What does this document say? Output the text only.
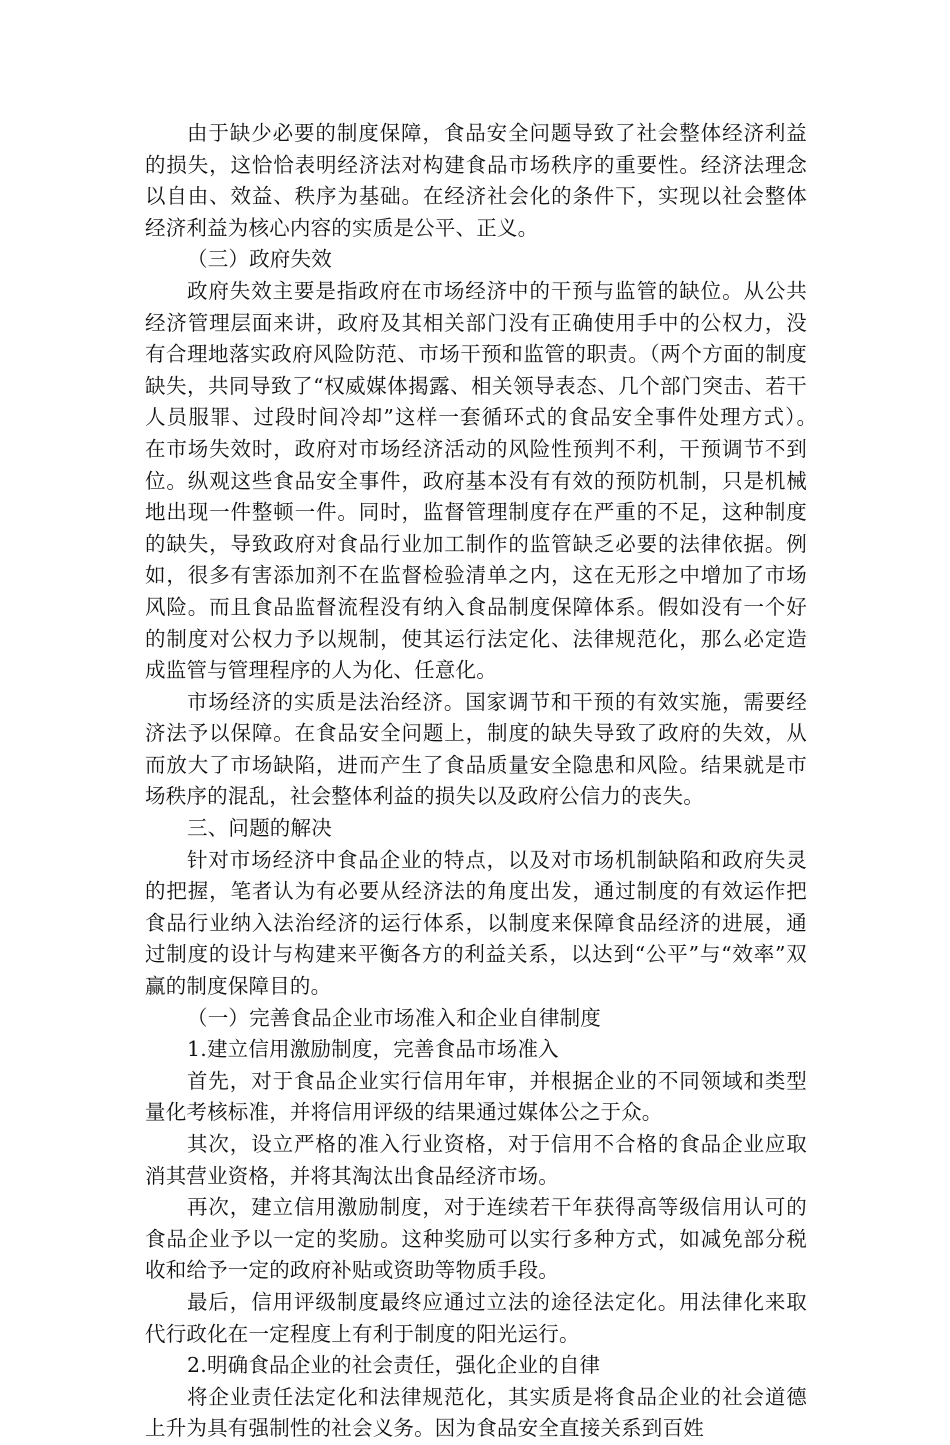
由于缺少必要的制度保障，食品安全问题导致了社会整体经济利益的损失，这恰恰表明经济法对构建食品市场秩序的重要性。经济法理念以自由、效益、秩序为基础。在经济社会化的条件下，实现以社会整体经济利益为核心内容的实质是公平、正义。

（三）政府失效

政府失效主要是指政府在市场经济中的干预与监管的缺位。从公共经济管理层面来讲，政府及其相关部门没有正确使用手中的公权力，没有合理地落实政府风险防范、市场干预和监管的职责。（两个方面的制度缺失，共同导致了“权威媒体揭露、相关领导表态、几个部门突击、若干人员服罪、过段时间冷却”这样一套循环式的食品安全事件处理方式）。　　　　在市场失效时，政府对市场经济活动的风险性预判不利，干预调节不到位。纵观这些食品安全事件，政府基本没有有效的预防机制，只是机械地出现一件整顿一件。同时，监督管理制度存在严重的不足，这种制度的缺失，导致政府对食品行业加工制作的监管缺乏必要的法律依据。例如，很多有害添加剂不在监督检验清单之内，这在无形之中增加了市场风险。而且食品监督流程没有纳入食品制度保障体系。假如没有一个好的制度对公权力予以规制，使其运行法定化、法律规范化，那么必定造成监管与管理程序的人为化、任意化。

市场经济的实质是法治经济。国家调节和干预的有效实施，需要经济法予以保障。在食品安全问题上，制度的缺失导致了政府的失效，从而放大了市场缺陷，进而产生了食品质量安全隐患和风险。结果就是市场秩序的混乱，社会整体利益的损失以及政府公信力的丧失。

三、问题的解决

针对市场经济中食品企业的特点，以及对市场机制缺陷和政府失灵的把握，笔者认为有必要从经济法的角度出发，通过制度的有效运作把食品行业纳入法治经济的运行体系，以制度来保障食品经济的进展，通过制度的设计与构建来平衡各方的利益关系，以达到“公平”与“效率”双赢的制度保障目的。

（一）完善食品企业市场准入和企业自律制度

1.建立信用激励制度，完善食品市场准入

首先，对于食品企业实行信用年审，并根据企业的不同领域和类型量化考核标准，并将信用评级的结果通过媒体公之于众。

其次，设立严格的准入行业资格，对于信用不合格的食品企业应取消其营业资格，并将其淘汰出食品经济市场。

再次，建立信用激励制度，对于连续若干年获得高等级信用认可的食品企业予以一定的奖励。这种奖励可以实行多种方式，如减免部分税收和给予一定的政府补贴或资助等物质手段。

最后，信用评级制度最终应通过立法的途径法定化。用法律化来取代行政化在一定程度上有利于制度的阳光运行。

2.明确食品企业的社会责任，强化企业的自律

将企业责任法定化和法律规范化，其实质是将食品企业的社会道德上升为具有强制性的社会义务。因为食品安全直接关系到百姓
